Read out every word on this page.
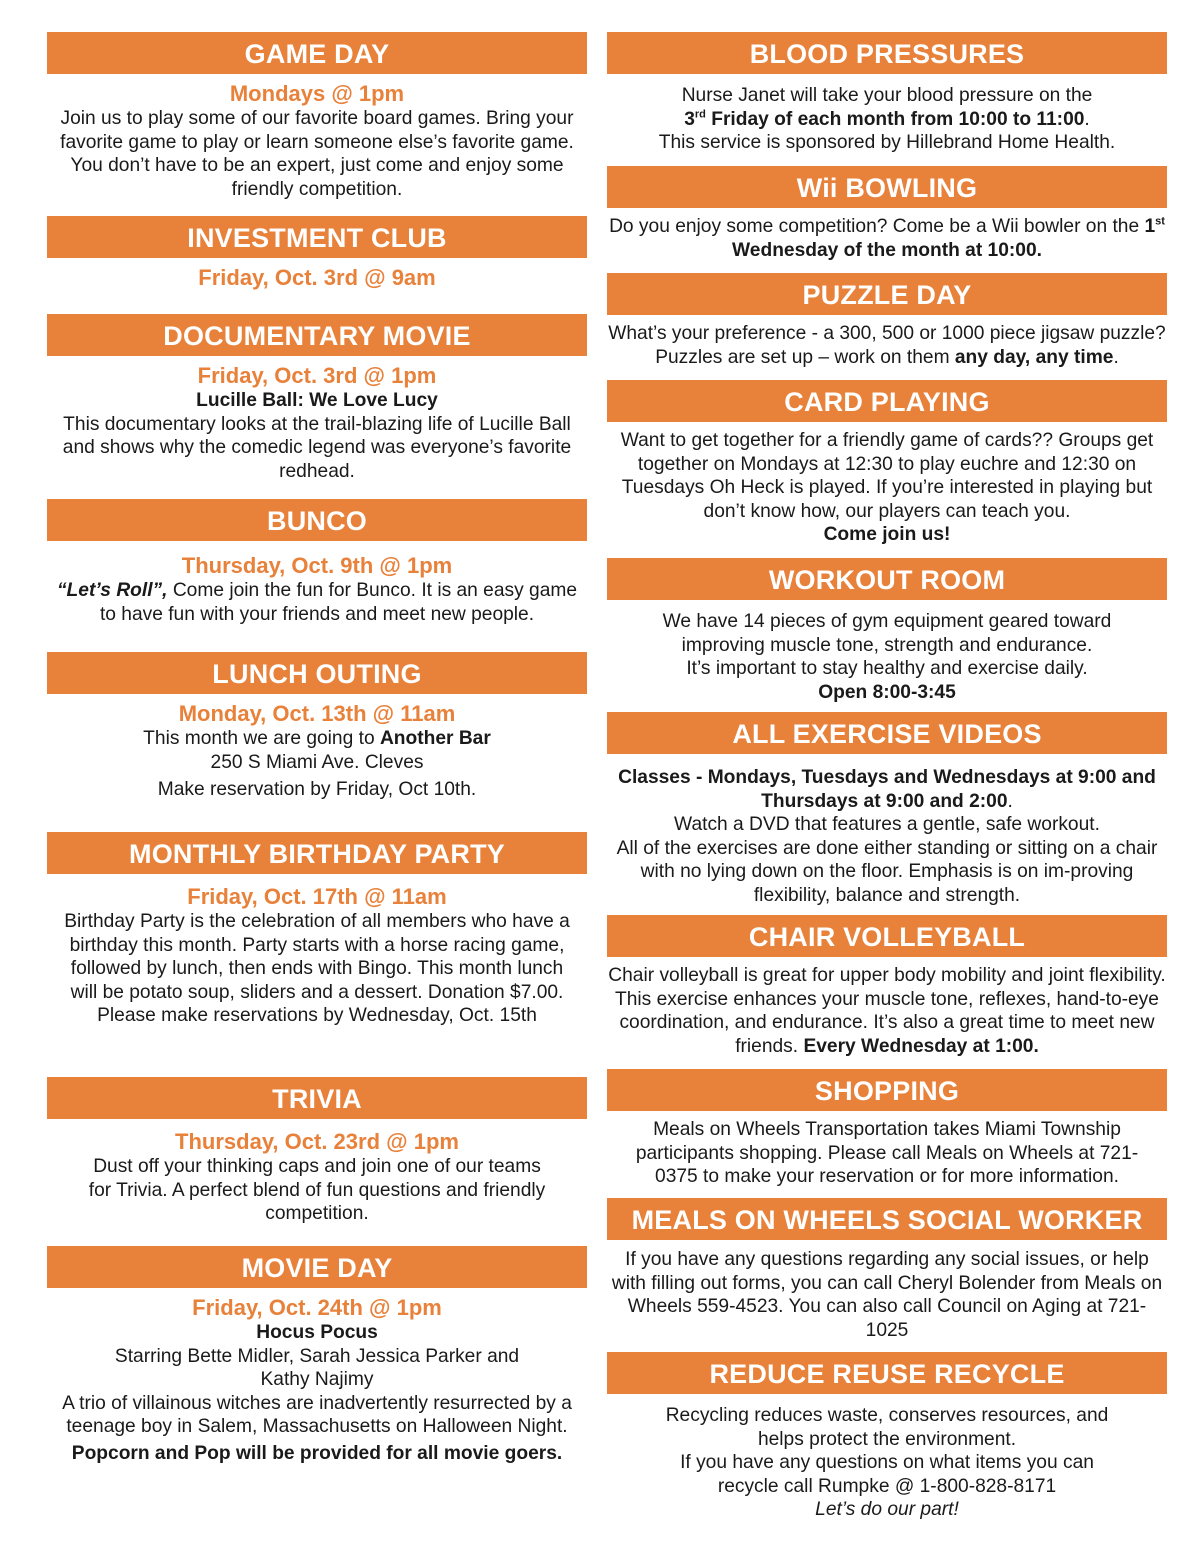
GAME DAY

Mondays @ 1pm

Join us to play some of our favorite board games. Bring your favorite game to play or learn someone else’s favorite game. You don’t have to be an expert, just come and enjoy some friendly competition.

INVESTMENT CLUB

Friday, Oct. 3rd @ 9am

DOCUMENTARY MOVIE

Friday, Oct. 3rd @ 1pm

Lucille Ball: We Love Lucy

This documentary looks at the trail-blazing life of Lucille Ball and shows why the comedic legend was everyone’s favorite redhead.

BUNCO

Thursday, Oct. 9th @ 1pm

“Let’s Roll”, Come join the fun for Bunco. It is an easy game to have fun with your friends and meet new people.

LUNCH OUTING

Monday, Oct. 13th @ 11am

This month we are going to Another Bar

250 S Miami Ave. Cleves

Make reservation by Friday, Oct 10th.

MONTHLY BIRTHDAY PARTY

Friday, Oct. 17th @ 11am

Birthday Party is the celebration of all members who have a birthday this month. Party starts with a horse racing game, followed by lunch, then ends with Bingo. This month lunch will be potato soup, sliders and a dessert. Donation $7.00. Please make reservations by Wednesday, Oct. 15th

TRIVIA

Thursday, Oct. 23rd @ 1pm

Dust off your thinking caps and join one of our teams for Trivia. A perfect blend of fun questions and friendly competition.

MOVIE DAY

Friday, Oct. 24th @ 1pm

Hocus Pocus

Starring Bette Midler, Sarah Jessica Parker and Kathy Najimy

A trio of villainous witches are inadvertently resurrected by a teenage boy in Salem, Massachusetts on Halloween Night.

Popcorn and Pop will be provided for all movie goers.

BLOOD PRESSURES

Nurse Janet will take your blood pressure on the

3rd Friday of each month from 10:00 to 11:00.

This service is sponsored by Hillebrand Home Health.

Wii BOWLING

Do you enjoy some competition? Come be a Wii bowler on the 1st Wednesday of the month at 10:00.

PUZZLE DAY

What’s your preference - a 300, 500 or 1000 piece jigsaw puzzle? Puzzles are set up – work on them any day, any time.

CARD PLAYING

Want to get together for a friendly game of cards?? Groups get together on Mondays at 12:30 to play euchre and 12:30 on Tuesdays Oh Heck is played. If you’re interested in playing but don’t know how, our players can teach you.

Come join us!

WORKOUT ROOM

We have 14 pieces of gym equipment geared toward improving muscle tone, strength and endurance.

It’s important to stay healthy and exercise daily.

Open 8:00-3:45

ALL EXERCISE VIDEOS

Classes - Mondays, Tuesdays and Wednesdays at 9:00 and Thursdays at 9:00 and 2:00.

Watch a DVD that features a gentle, safe workout.

All of the exercises are done either standing or sitting on a chair with no lying down on the floor. Emphasis is on im-proving flexibility, balance and strength.

CHAIR VOLLEYBALL

Chair volleyball is great for upper body mobility and joint flexibility. This exercise enhances your muscle tone, reflexes, hand-to-eye coordination, and endurance. It’s also a great time to meet new friends. Every Wednesday at 1:00.

SHOPPING

Meals on Wheels Transportation takes Miami Township participants shopping. Please call Meals on Wheels at 721-0375 to make your reservation or for more information.

MEALS ON WHEELS SOCIAL WORKER

If you have any questions regarding any social issues, or help with filling out forms, you can call Cheryl Bolender from Meals on Wheels 559-4523. You can also call Council on Aging at 721-1025

REDUCE REUSE RECYCLE

Recycling reduces waste, conserves resources, and helps protect the environment.

If you have any questions on what items you can recycle call Rumpke @ 1-800-828-8171

Let’s do our part!
